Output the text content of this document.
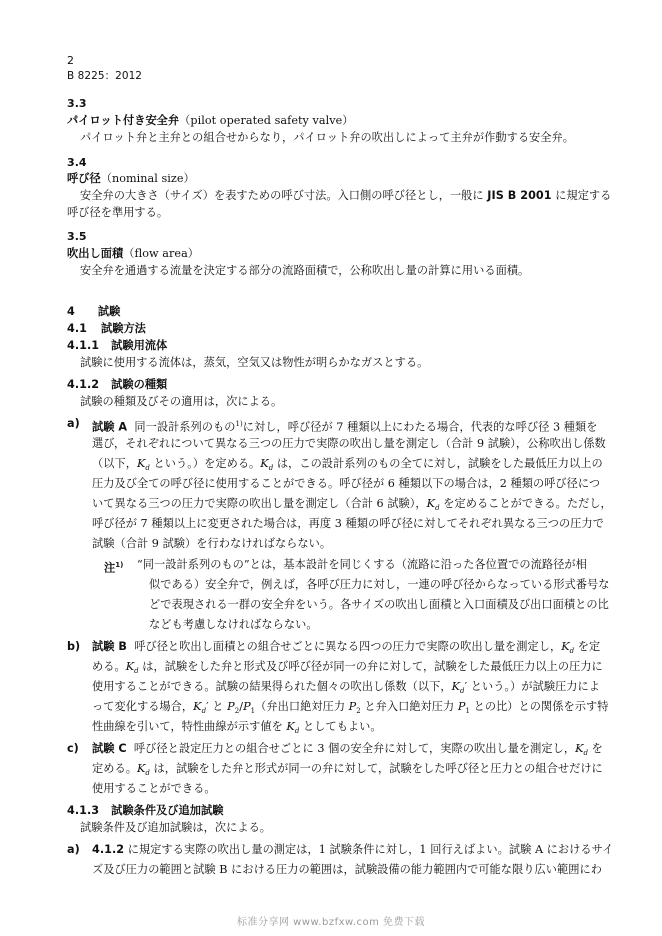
2
B 8225：2012
3.3
パイロット付き安全弁（pilot operated safety valve）
パイロット弁と主弁との組合せからなり，パイロット弁の吹出しによって主弁が作動する安全弁。
3.4
呼び径（nominal size）
安全弁の大きさ（サイズ）を表すための呼び寸法。入口側の呼び径とし，一般に JIS B 2001 に規定する
呼び径を準用する。
3.5
吹出し面積（flow area）
安全弁を通過する流量を決定する部分の流路面積で，公称吹出し量の計算に用いる面積。
4 試験
4.1 試験方法
4.1.1 試験用流体
試験に使用する流体は，蒸気，空気又は物性が明らかなガスとする。
4.1.2 試験の種類
試験の種類及びその適用は，次による。
a) 試験 A 同一設計系列のもの$^{1)}$に対し，呼び径が 7 種類以上にわたる場合，代表的な呼び径 3 種類を
選び，それぞれについて異なる三つの圧力で実際の吹出し量を測定し（合計 9 試験），公称吹出し係数
（以下，$K_d$ という。）を定める。$K_d$ は，この設計系列のもの全てに対し，試験をした最低圧力以上の
圧力及び全ての呼び径に使用することができる。呼び径が 6 種類以下の場合は，2 種類の呼び径につ
いて異なる三つの圧力で実際の吹出し量を測定し（合計 6 試験），$K_d$ を定めることができる。ただし，
呼び径が 7 種類以上に変更された場合は，再度 3 種類の呼び径に対してそれぞれ異なる三つの圧力で
試験（合計 9 試験）を行わなければならない。
注$^{1)}$ “同一設計系列のもの”とは，基本設計を同じくする（流路に沿った各位置での流路径が相
似である）安全弁で，例えば，各呼び圧力に対し，一連の呼び径からなっている形式番号な
どで表現される一群の安全弁をいう。各サイズの吹出し面積と入口面積及び出口面積との比
なども考慮しなければならない。
b) 試験 B 呼び径と吹出し面積との組合せごとに異なる四つの圧力で実際の吹出し量を測定し，$K_d$ を定
める。$K_d$ は，試験をした弁と形式及び呼び径が同一の弁に対して，試験をした最低圧力以上の圧力に
使用することができる。試験の結果得られた個々の吹出し係数（以下，$K_d'$ という。）が試験圧力によ
って変化する場合，$K_d'$ と $P_2/P_1$（弁出口絶対圧力 $P_2$ と弁入口絶対圧力 $P_1$ との比）との関係を示す特
性曲線を引いて，特性曲線が示す値を $K_d$ としてもよい。
c) 試験 C 呼び径と設定圧力との組合せごとに 3 個の安全弁に対して，実際の吹出し量を測定し，$K_d$ を
定める。$K_d$ は，試験をした弁と形式が同一の弁に対して，試験をした呼び径と圧力との組合せだけに
使用することができる。
4.1.3 試験条件及び追加試験
試験条件及び追加試験は，次による。
a) 4.1.2 に規定する実際の吹出し量の測定は，1 試験条件に対し，1 回行えばよい。試験 A におけるサイ
ズ及び圧力の範囲と試験 B における圧力の範囲は，試験設備の能力範囲内で可能な限り広い範囲にわ
标准分享网 www.bzfxw.com 免费下载
